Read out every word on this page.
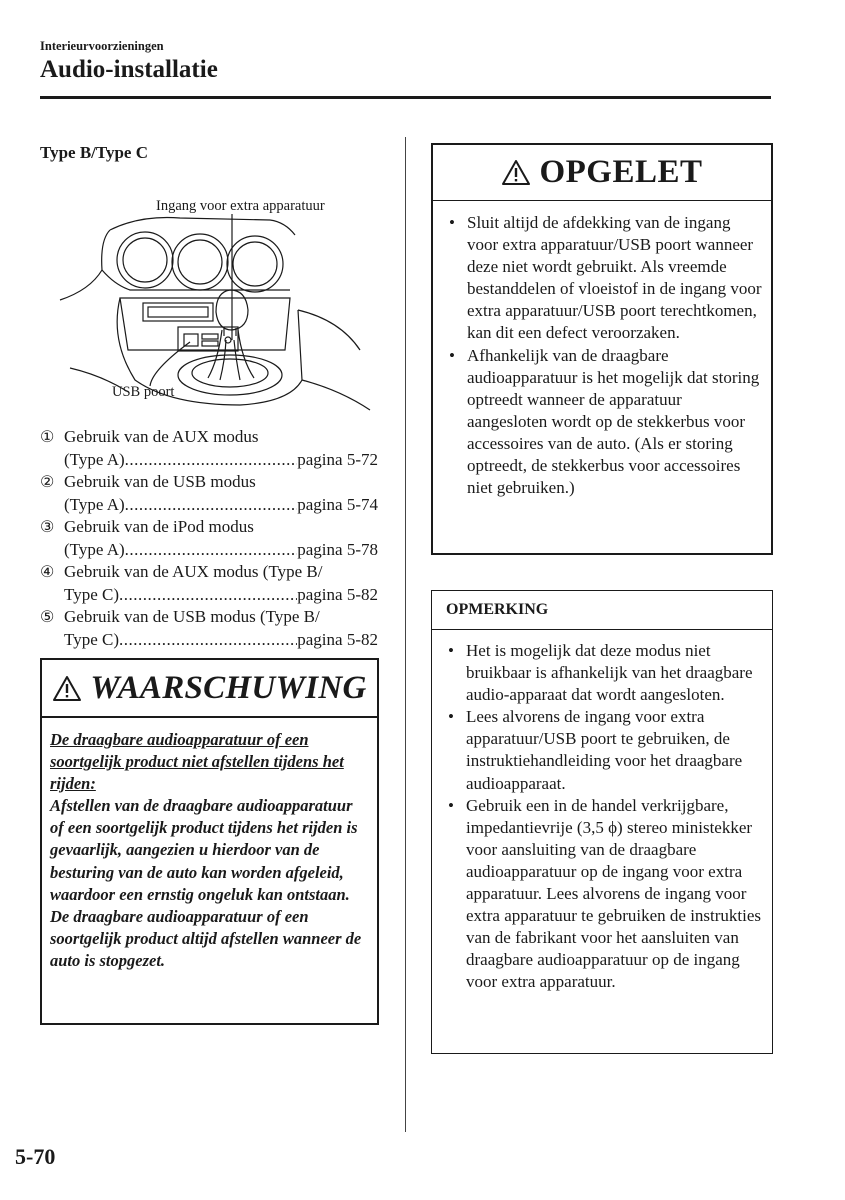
Interieurvoorzieningen
Audio-installatie
Type B/Type C
Ingang voor extra apparatuur
USB poort
① Gebruik van de AUX modus
(Type A) .....	pagina 5-72
② Gebruik van de USB modus
(Type A) .....	pagina 5-74
③ Gebruik van de iPod modus
(Type A) .....	pagina 5-78
④ Gebruik van de AUX modus (Type B/
Type C) .....	pagina 5-82
⑤ Gebruik van de USB modus (Type B/
Type C) .....	pagina 5-82
WAARSCHUWING
De draagbare audioapparatuur of een soortgelijk product niet afstellen tijdens het rijden:
Afstellen van de draagbare audioapparatuur of een soortgelijk product tijdens het rijden is gevaarlijk, aangezien u hierdoor van de besturing van de auto kan worden afgeleid, waardoor een ernstig ongeluk kan ontstaan. De draagbare audioapparatuur of een soortgelijk product altijd afstellen wanneer de auto is stopgezet.
OPGELET
• Sluit altijd de afdekking van de ingang voor extra apparatuur/USB poort wanneer deze niet wordt gebruikt. Als vreemde bestanddelen of vloeistof in de ingang voor extra apparatuur/USB poort terechtkomen, kan dit een defect veroorzaken.
• Afhankelijk van de draagbare audioapparatuur is het mogelijk dat storing optreedt wanneer de apparatuur aangesloten wordt op de stekkerbus voor accessoires van de auto. (Als er storing optreedt, de stekkerbus voor accessoires niet gebruiken.)
OPMERKING
• Het is mogelijk dat deze modus niet bruikbaar is afhankelijk van het draagbare audio-apparaat dat wordt aangesloten.
• Lees alvorens de ingang voor extra apparatuur/USB poort te gebruiken, de instruktiehandleiding voor het draagbare audioapparaat.
• Gebruik een in de handel verkrijgbare, impedantievrije (3,5 ϕ) stereo ministekker voor aansluiting van de draagbare audioapparatuur op de ingang voor extra apparatuur. Lees alvorens de ingang voor extra apparatuur te gebruiken de instrukties van de fabrikant voor het aansluiten van draagbare audioapparatuur op de ingang voor extra apparatuur.
5-70
